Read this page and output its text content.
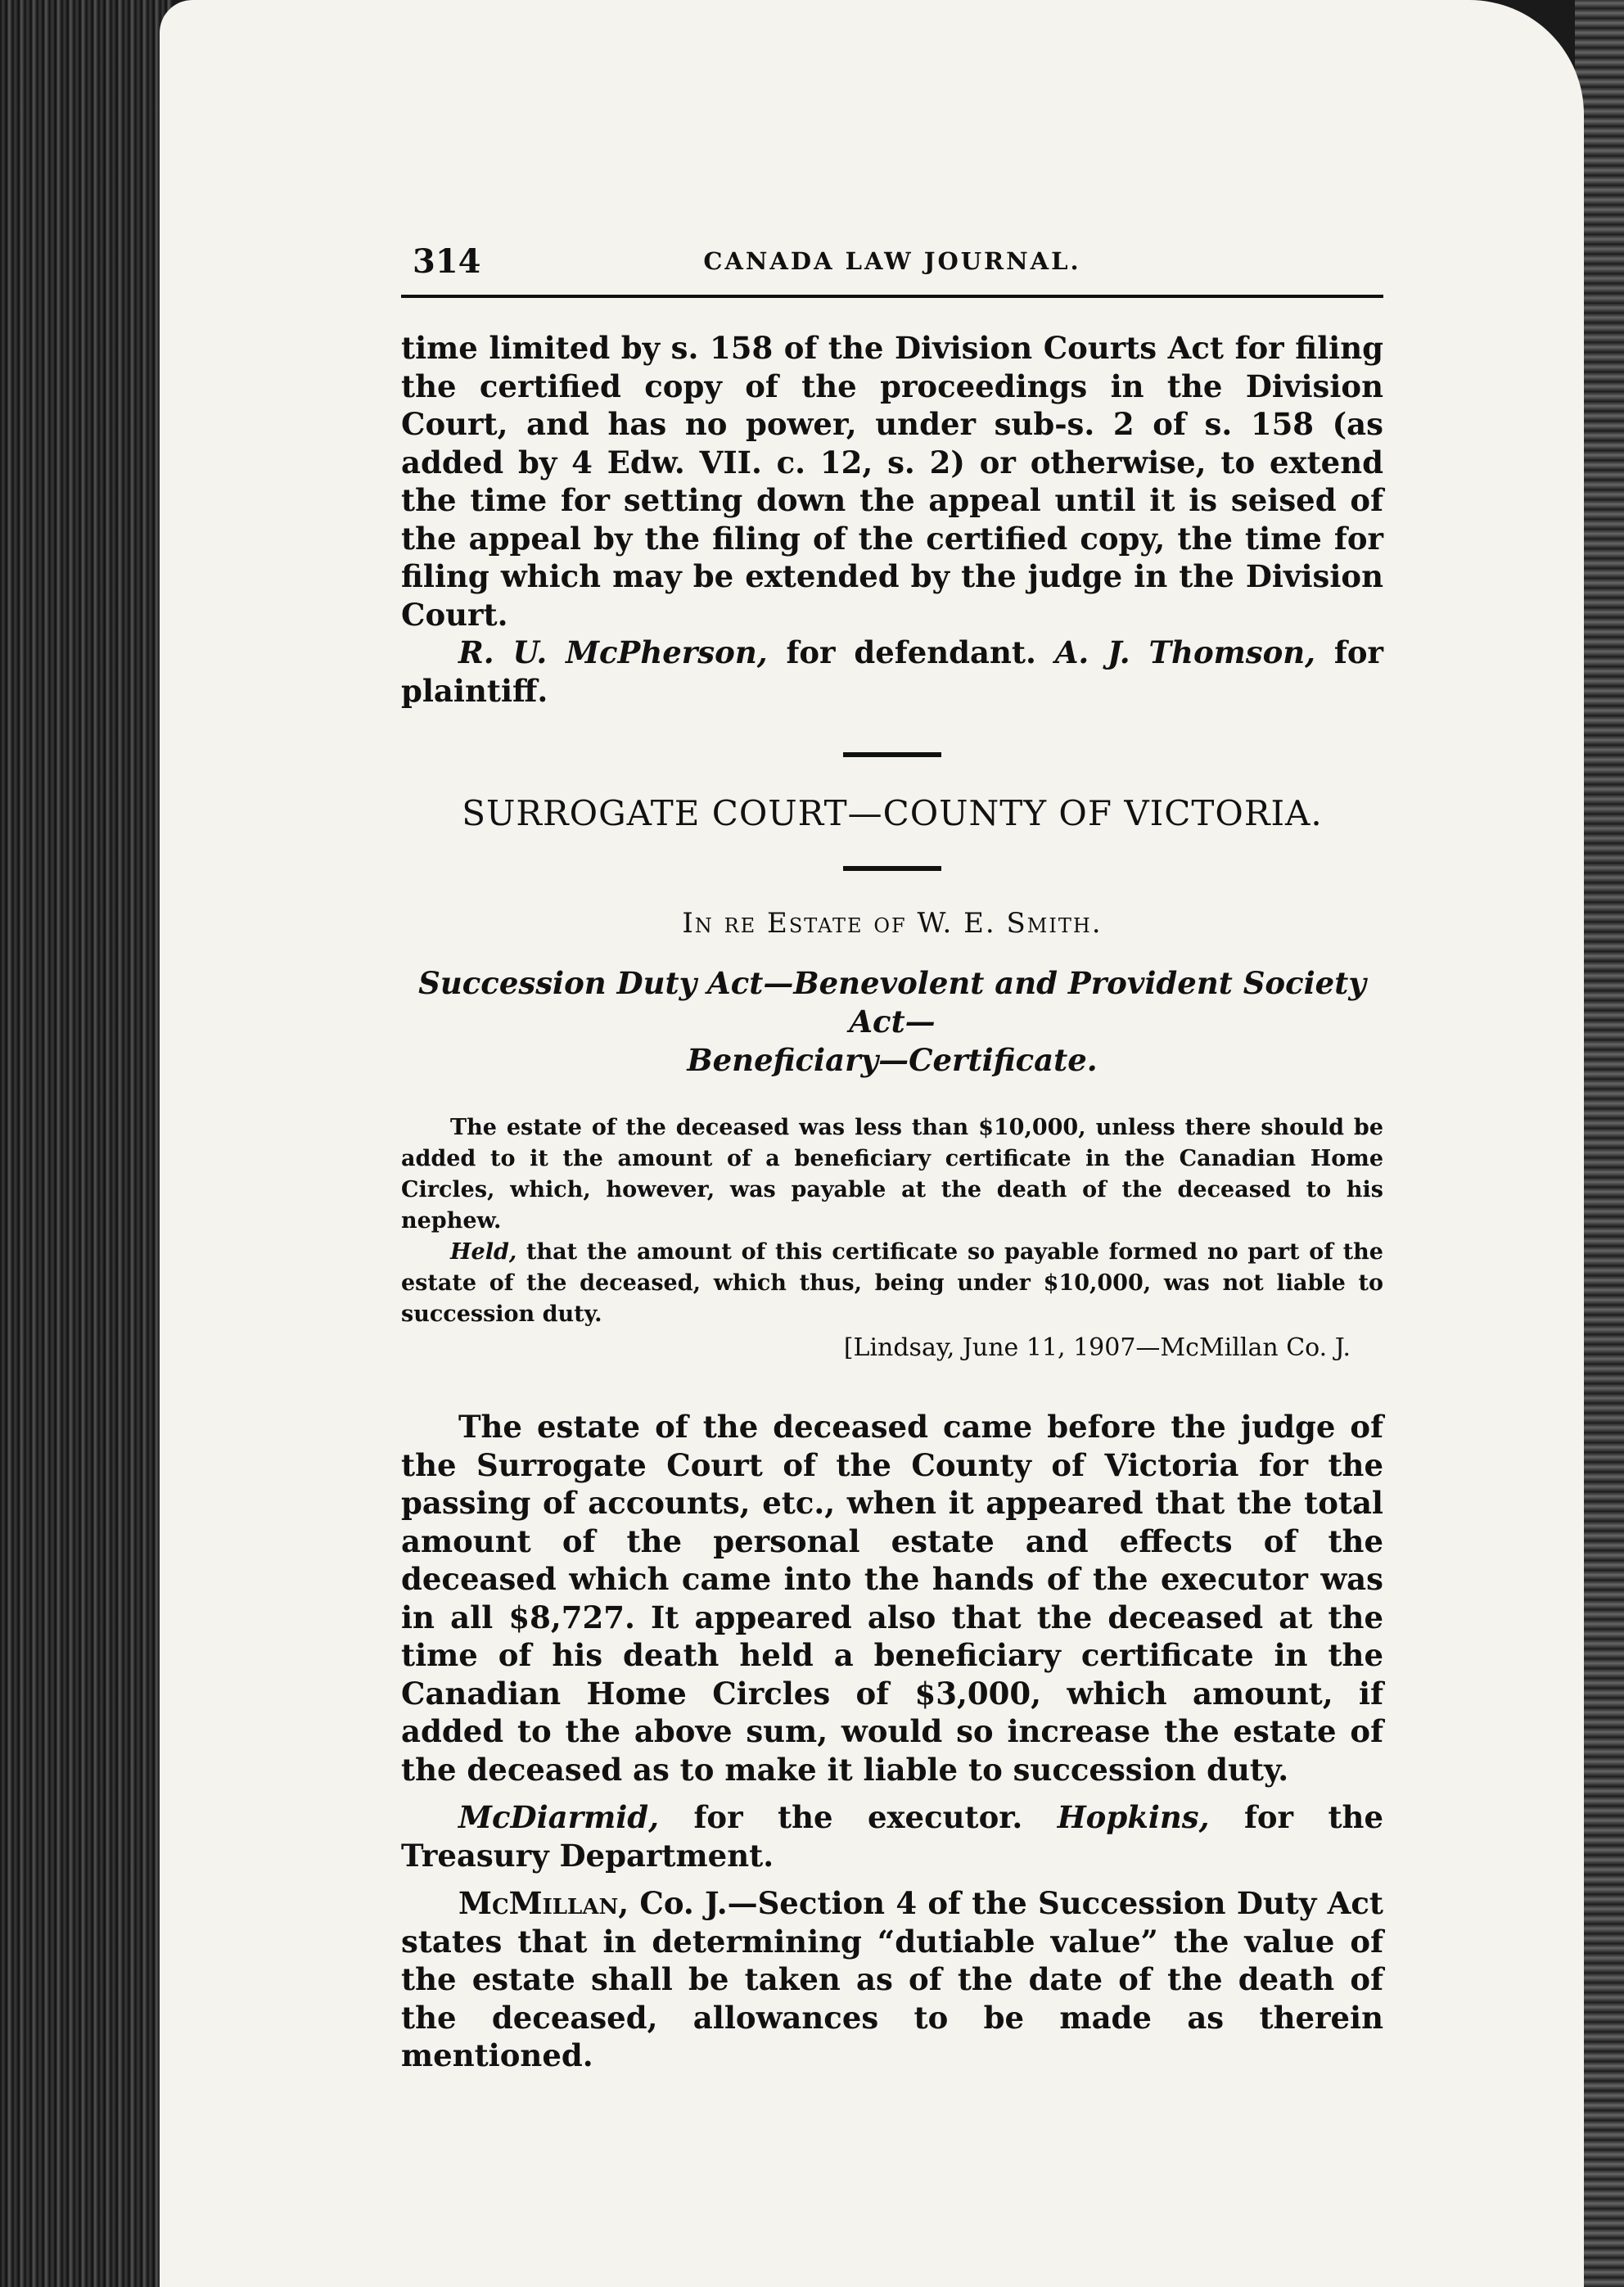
314	CANADA LAW JOURNAL.

time limited by s. 158 of the Division Courts Act for filing the certified copy of the proceedings in the Division Court, and has no power, under sub-s. 2 of s. 158 (as added by 4 Edw. VII. c. 12, s. 2) or otherwise, to extend the time for setting down the appeal until it is seised of the appeal by the filing of the certified copy, the time for filing which may be extended by the judge in the Division Court.

R. U. McPherson, for defendant. A. J. Thomson, for plaintiff.

SURROGATE COURT—COUNTY OF VICTORIA.

In re Estate of W. E. Smith.

Succession Duty Act—Benevolent and Provident Society Act—
Beneficiary—Certificate.

The estate of the deceased was less than $10,000, unless there should be added to it the amount of a beneficiary certificate in the Canadian Home Circles, which, however, was payable at the death of the deceased to his nephew.

Held, that the amount of this certificate so payable formed no part of the estate of the deceased, which thus, being under $10,000, was not liable to succession duty.

[Lindsay, June 11, 1907—McMillan Co. J.

The estate of the deceased came before the judge of the Surrogate Court of the County of Victoria for the passing of accounts, etc., when it appeared that the total amount of the personal estate and effects of the deceased which came into the hands of the executor was in all $8,727. It appeared also that the deceased at the time of his death held a beneficiary certificate in the Canadian Home Circles of $3,000, which amount, if added to the above sum, would so increase the estate of the deceased as to make it liable to succession duty.

McDiarmid, for the executor. Hopkins, for the Treasury Department.

McMillan, Co. J.—Section 4 of the Succession Duty Act states that in determining “dutiable value” the value of the estate shall be taken as of the date of the death of the deceased, allowances to be made as therein mentioned.
